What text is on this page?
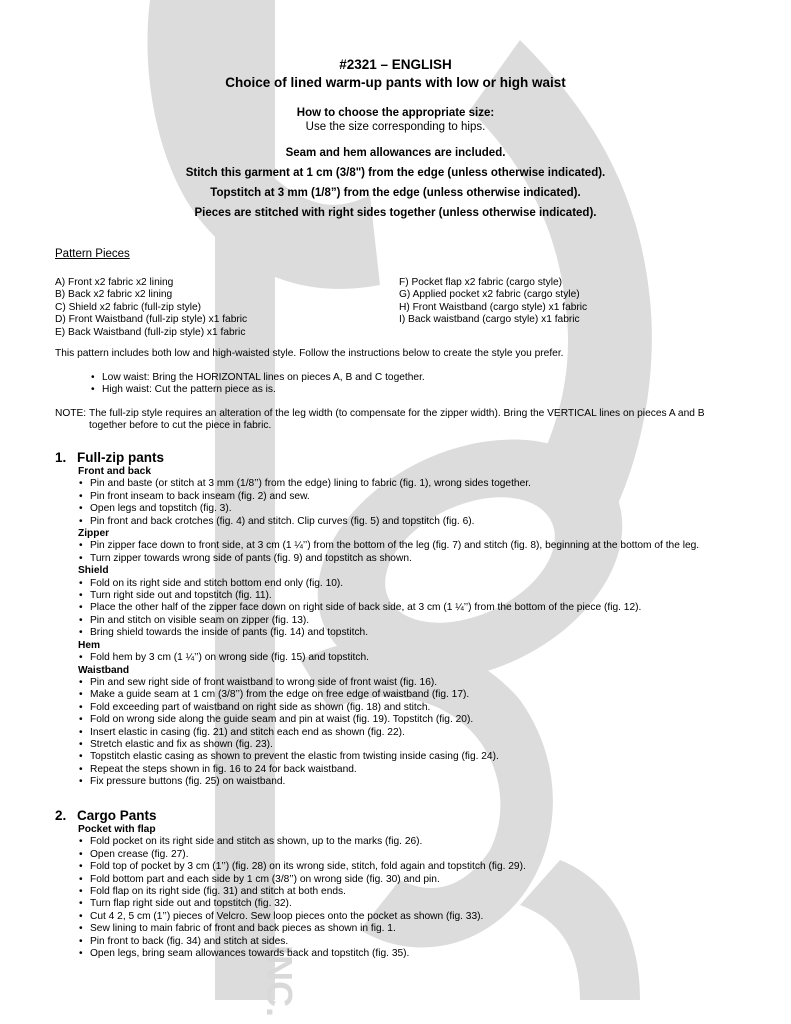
INC.
#2321 – ENGLISH
Choice of lined warm-up pants with low or high waist
How to choose the appropriate size:
Use the size corresponding to hips.
Seam and hem allowances are included.
Stitch this garment at 1 cm (3/8") from the edge (unless otherwise indicated).
Topstitch at 3 mm (1/8”) from the edge (unless otherwise indicated).
Pieces are stitched with right sides together (unless otherwise indicated).
Pattern Pieces
A) Front x2 fabric x2 lining
B) Back x2 fabric x2 lining
C) Shield x2 fabric (full-zip style)
D) Front Waistband (full-zip style) x1 fabric
E) Back Waistband (full-zip style) x1 fabric
F) Pocket flap x2 fabric (cargo style)
G) Applied pocket x2 fabric (cargo style)
H) Front Waistband (cargo style) x1 fabric
I) Back waistband (cargo style) x1 fabric
This pattern includes both low and high-waisted style. Follow the instructions below to create the style you prefer.
• Low waist: Bring the HORIZONTAL lines on pieces A, B and C together.
• High waist: Cut the pattern piece as is.
NOTE: The full-zip style requires an alteration of the leg width (to compensate for the zipper width). Bring the VERTICAL lines on pieces A and B
together before to cut the piece in fabric.
1. Full-zip pants
Front and back
• Pin and baste (or stitch at 3 mm (1/8’’) from the edge) lining to fabric (fig. 1), wrong sides together.
• Pin front inseam to back inseam (fig. 2) and sew.
• Open legs and topstitch (fig. 3).
• Pin front and back crotches (fig. 4) and stitch. Clip curves (fig. 5) and topstitch (fig. 6).
Zipper
• Pin zipper face down to front side, at 3 cm (1 ¼’’) from the bottom of the leg (fig. 7) and stitch (fig. 8), beginning at the bottom of the leg.
• Turn zipper towards wrong side of pants (fig. 9) and topstitch as shown.
Shield
• Fold on its right side and stitch bottom end only (fig. 10).
• Turn right side out and topstitch (fig. 11).
• Place the other half of the zipper face down on right side of back side, at 3 cm (1 ¼’’) from the bottom of the piece (fig. 12).
• Pin and stitch on visible seam on zipper (fig. 13).
• Bring shield towards the inside of pants (fig. 14) and topstitch.
Hem
• Fold hem by 3 cm (1 ¼’’) on wrong side (fig. 15) and topstitch.
Waistband
• Pin and sew right side of front waistband to wrong side of front waist (fig. 16).
• Make a guide seam at 1 cm (3/8’’) from the edge on free edge of waistband (fig. 17).
• Fold exceeding part of waistband on right side as shown (fig. 18) and stitch.
• Fold on wrong side along the guide seam and pin at waist (fig. 19). Topstitch (fig. 20).
• Insert elastic in casing (fig. 21) and stitch each end as shown (fig. 22).
• Stretch elastic and fix as shown (fig. 23).
• Topstitch elastic casing as shown to prevent the elastic from twisting inside casing (fig. 24).
• Repeat the steps shown in fig. 16 to 24 for back waistband.
• Fix pressure buttons (fig. 25) on waistband.
2. Cargo Pants
Pocket with flap
• Fold pocket on its right side and stitch as shown, up to the marks (fig. 26).
• Open crease (fig. 27).
• Fold top of pocket by 3 cm (1’’) (fig. 28) on its wrong side, stitch, fold again and topstitch (fig. 29).
• Fold bottom part and each side by 1 cm (3/8’’) on wrong side (fig. 30) and pin.
• Fold flap on its right side (fig. 31) and stitch at both ends.
• Turn flap right side out and topstitch (fig. 32).
• Cut 4 2, 5 cm (1’’) pieces of Velcro. Sew loop pieces onto the pocket as shown (fig. 33).
• Sew lining to main fabric of front and back pieces as shown in fig. 1.
• Pin front to back (fig. 34) and stitch at sides.
• Open legs, bring seam allowances towards back and topstitch (fig. 35).
